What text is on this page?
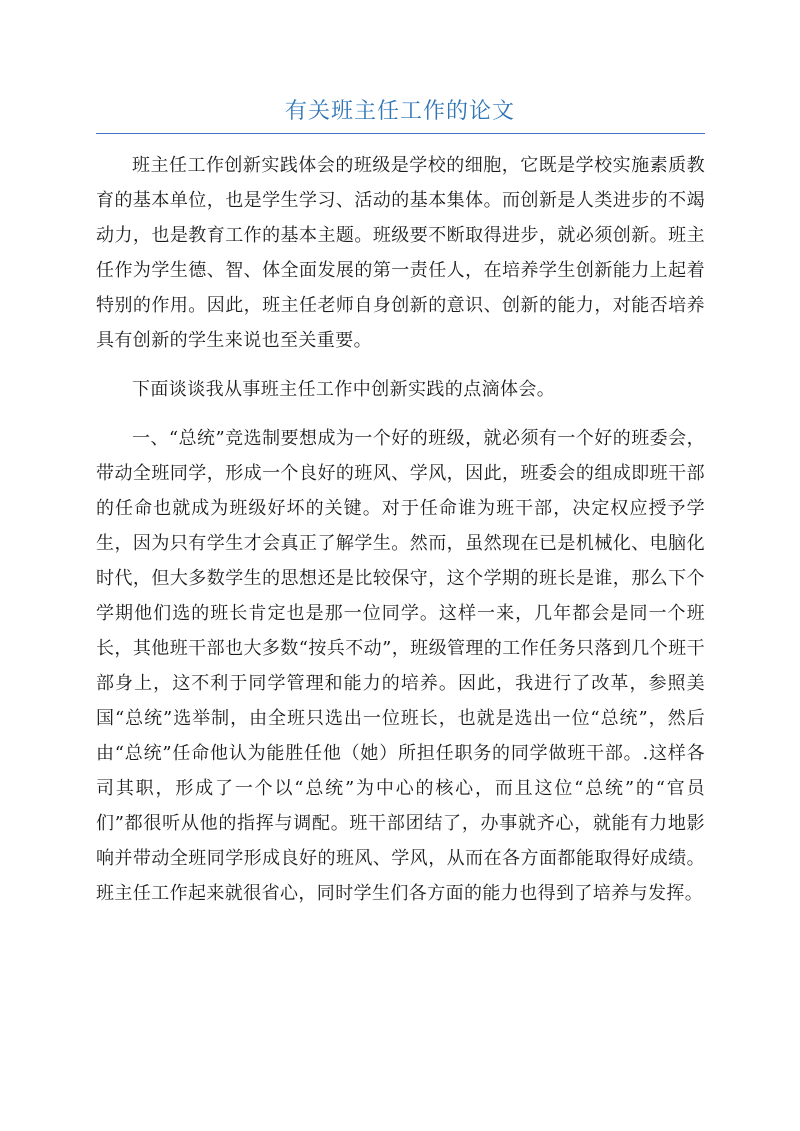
有关班主任工作的论文

班主任工作创新实践体会的班级是学校的细胞，它既是学校实施素质教育的基本单位，也是学生学习、活动的基本集体。而创新是人类进步的不竭动力，也是教育工作的基本主题。班级要不断取得进步，就必须创新。班主任作为学生德、智、体全面发展的第一责任人，在培养学生创新能力上起着特别的作用。因此，班主任老师自身创新的意识、创新的能力，对能否培养具有创新的学生来说也至关重要。

下面谈谈我从事班主任工作中创新实践的点滴体会。

一、“总统”竞选制要想成为一个好的班级，就必须有一个好的班委会，带动全班同学，形成一个良好的班风、学风，因此，班委会的组成即班干部的任命也就成为班级好坏的关键。对于任命谁为班干部，决定权应授予学生，因为只有学生才会真正了解学生。然而，虽然现在已是机械化、电脑化时代，但大多数学生的思想还是比较保守，这个学期的班长是谁，那么下个学期他们选的班长肯定也是那一位同学。这样一来，几年都会是同一个班长，其他班干部也大多数“按兵不动”，班级管理的工作任务只落到几个班干部身上，这不利于同学管理和能力的培养。因此，我进行了改革，参照美国“总统”选举制，由全班只选出一位班长，也就是选出一位“总统”，然后由“总统”任命他认为能胜任他（她）所担任职务的同学做班干部。.这样各司其职，形成了一个以“总统”为中心的核心，而且这位“总统”的“官员们”都很听从他的指挥与调配。班干部团结了，办事就齐心，就能有力地影响并带动全班同学形成良好的班风、学风，从而在各方面都能取得好成绩。班主任工作起来就很省心，同时学生们各方面的能力也得到了培养与发挥。
